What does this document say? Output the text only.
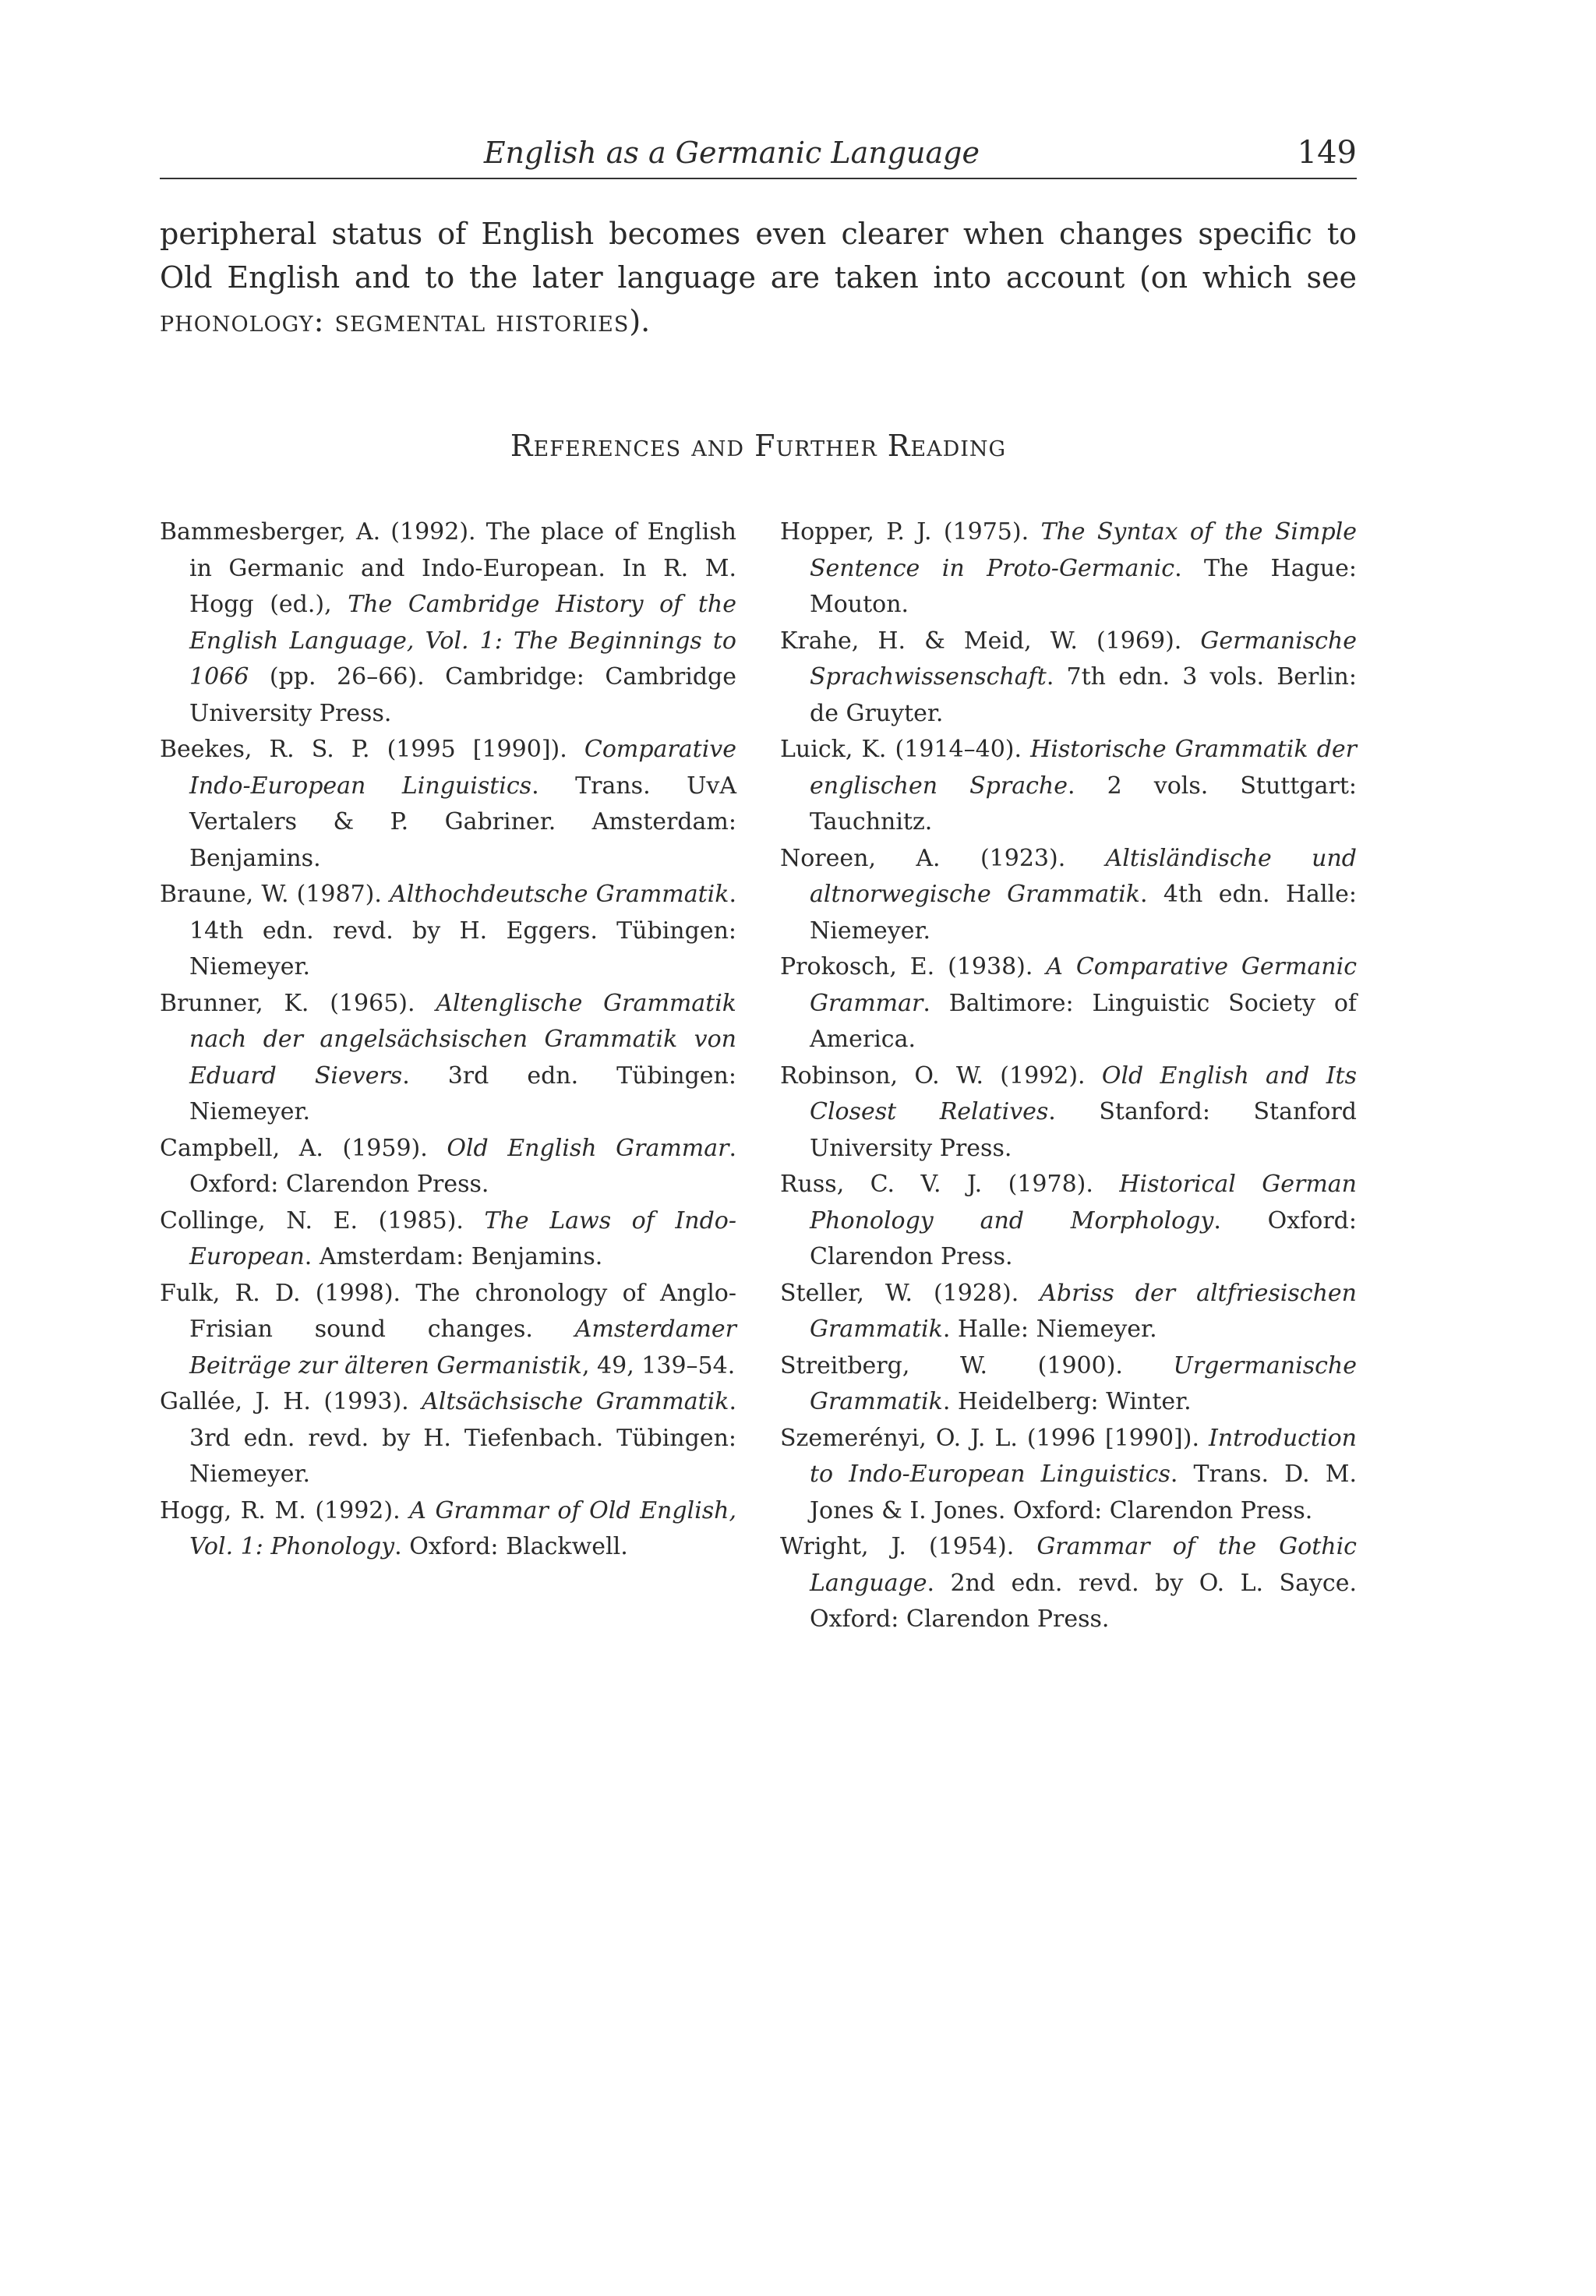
English as a Germanic Language	149

peripheral status of English becomes even clearer when changes specific to Old English and to the later language are taken into account (on which see phonology: segmental histories).

References and Further Reading
Bammesberger, A. (1992). The place of English in Germanic and Indo-European. In R. M. Hogg (ed.), The Cambridge History of the English Language, Vol. 1: The Beginnings to 1066 (pp. 26–66). Cambridge: Cambridge University Press.
Beekes, R. S. P. (1995 [1990]). Comparative Indo-European Linguistics. Trans. UvA Vertalers & P. Gabriner. Amsterdam: Benjamins.
Braune, W. (1987). Althochdeutsche Grammatik. 14th edn. revd. by H. Eggers. Tübingen: Niemeyer.
Brunner, K. (1965). Altenglische Grammatik nach der angelsächsischen Grammatik von Eduard Sievers. 3rd edn. Tübingen: Niemeyer.
Campbell, A. (1959). Old English Grammar. Oxford: Clarendon Press.
Collinge, N. E. (1985). The Laws of Indo-European. Amsterdam: Benjamins.
Fulk, R. D. (1998). The chronology of Anglo-Frisian sound changes. Amsterdamer Beiträge zur älteren Germanistik, 49, 139–54.
Gallée, J. H. (1993). Altsächsische Grammatik. 3rd edn. revd. by H. Tiefenbach. Tübingen: Niemeyer.
Hogg, R. M. (1992). A Grammar of Old English, Vol. 1: Phonology. Oxford: Blackwell.
Hopper, P. J. (1975). The Syntax of the Simple Sentence in Proto-Germanic. The Hague: Mouton.
Krahe, H. & Meid, W. (1969). Germanische Sprachwissenschaft. 7th edn. 3 vols. Berlin: de Gruyter.
Luick, K. (1914–40). Historische Grammatik der englischen Sprache. 2 vols. Stuttgart: Tauchnitz.
Noreen, A. (1923). Altisländische und altnorwegische Grammatik. 4th edn. Halle: Niemeyer.
Prokosch, E. (1938). A Comparative Germanic Grammar. Baltimore: Linguistic Society of America.
Robinson, O. W. (1992). Old English and Its Closest Relatives. Stanford: Stanford University Press.
Russ, C. V. J. (1978). Historical German Phonology and Morphology. Oxford: Clarendon Press.
Steller, W. (1928). Abriss der altfriesischen Grammatik. Halle: Niemeyer.
Streitberg, W. (1900). Urgermanische Grammatik. Heidelberg: Winter.
Szemerényi, O. J. L. (1996 [1990]). Introduction to Indo-European Linguistics. Trans. D. M. Jones & I. Jones. Oxford: Clarendon Press.
Wright, J. (1954). Grammar of the Gothic Language. 2nd edn. revd. by O. L. Sayce. Oxford: Clarendon Press.
